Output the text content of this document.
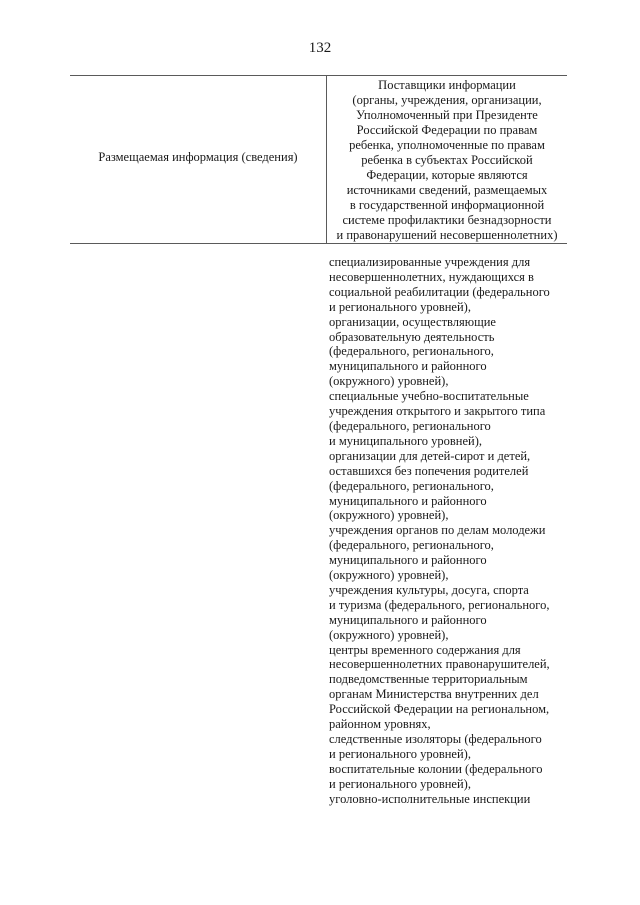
132
Размещаемая информация (сведения)
Поставщики информации
(органы, учреждения, организации,
Уполномоченный при Президенте
Российской Федерации по правам
ребенка, уполномоченные по правам
ребенка в субъектах Российской
Федерации, которые являются
источниками сведений, размещаемых
в государственной информационной
системе профилактики безнадзорности
и правонарушений несовершеннолетних)
специализированные учреждения для
несовершеннолетних, нуждающихся в
социальной реабилитации (федерального
и регионального уровней),
организации, осуществляющие
образовательную деятельность
(федерального, регионального,
муниципального и районного
(окружного) уровней),
специальные учебно-воспитательные
учреждения открытого и закрытого типа
(федерального, регионального
и муниципального уровней),
организации для детей-сирот и детей,
оставшихся без попечения родителей
(федерального, регионального,
муниципального и районного
(окружного) уровней),
учреждения органов по делам молодежи
(федерального, регионального,
муниципального и районного
(окружного) уровней),
учреждения культуры, досуга, спорта
и туризма (федерального, регионального,
муниципального и районного
(окружного) уровней),
центры временного содержания для
несовершеннолетних правонарушителей,
подведомственные территориальным
органам Министерства внутренних дел
Российской Федерации на региональном,
районном уровнях,
следственные изоляторы (федерального
и регионального уровней),
воспитательные колонии (федерального
и регионального уровней),
уголовно-исполнительные инспекции
